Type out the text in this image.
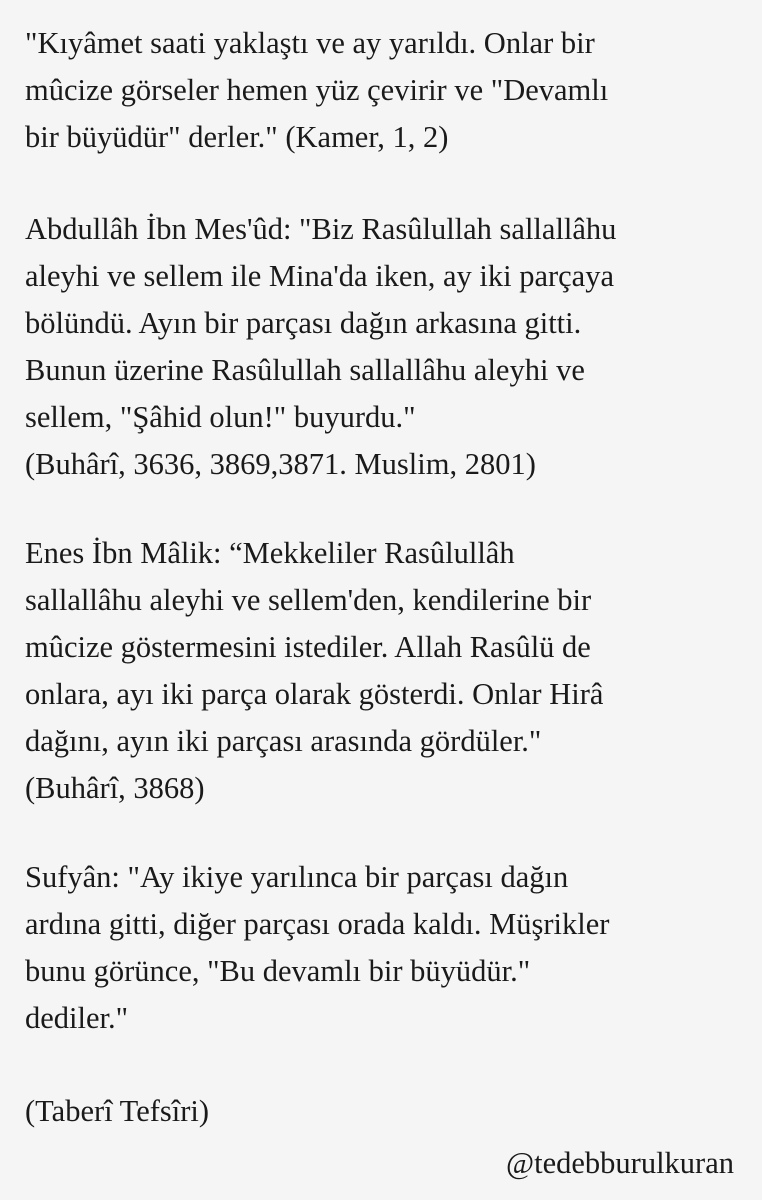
"Kıyâmet saati yaklaştı ve ay yarıldı. Onlar bir
mûcize görseler hemen yüz çevirir ve "Devamlı
bir büyüdür" derler." (Kamer, 1, 2)
Abdullâh İbn Mes'ûd: "Biz Rasûlullah sallallâhu
aleyhi ve sellem ile Mina'da iken, ay iki parçaya
bölündü. Ayın bir parçası dağın arkasına gitti.
Bunun üzerine Rasûlullah sallallâhu aleyhi ve
sellem, "Şâhid olun!" buyurdu."
(Buhârî, 3636, 3869,3871. Muslim, 2801)
Enes İbn Mâlik: “Mekkeliler Rasûlullâh
sallallâhu aleyhi ve sellem'den, kendilerine bir
mûcize göstermesini istediler. Allah Rasûlü de
onlara, ayı iki parça olarak gösterdi. Onlar Hirâ
dağını, ayın iki parçası arasında gördüler."
(Buhârî, 3868)
Sufyân: "Ay ikiye yarılınca bir parçası dağın
ardına gitti, diğer parçası orada kaldı. Müşrikler
bunu görünce, "Bu devamlı bir büyüdür."
dediler."
(Taberî Tefsîri)
@tedebburulkuran
